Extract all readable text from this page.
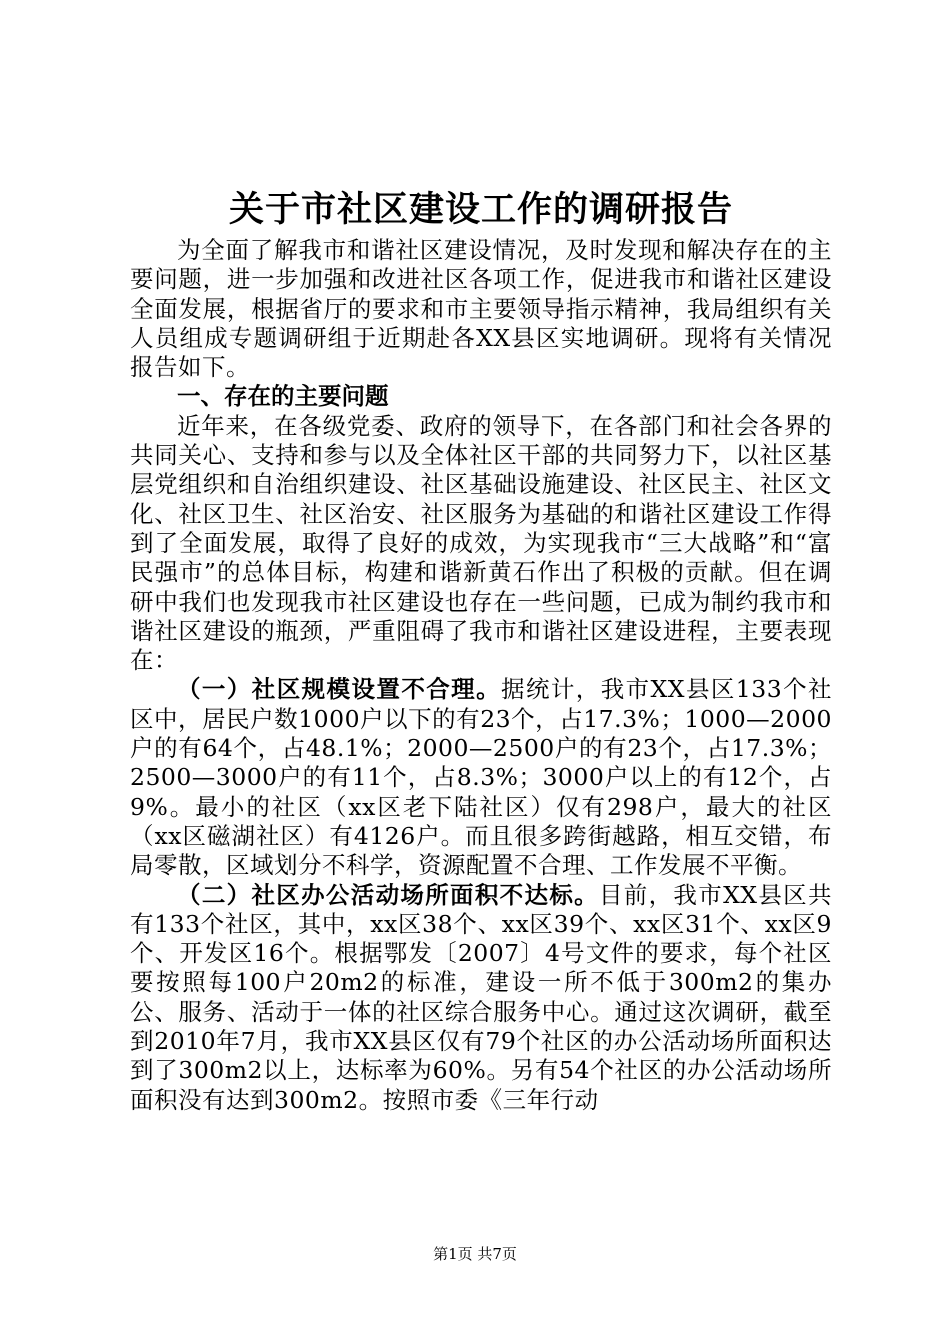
关于市社区建设工作的调研报告

为全面了解我市和谐社区建设情况，及时发现和解决存在的主要问题，进一步加强和改进社区各项工作，促进我市和谐社区建设全面发展，根据省厅的要求和市主要领导指示精神，我局组织有关人员组成专题调研组于近期赴各XX县区实地调研。现将有关情况报告如下。

一、存在的主要问题

近年来，在各级党委、政府的领导下，在各部门和社会各界的共同关心、支持和参与以及全体社区干部的共同努力下，以社区基层党组织和自治组织建设、社区基础设施建设、社区民主、社区文化、社区卫生、社区治安、社区服务为基础的和谐社区建设工作得到了全面发展，取得了良好的成效，为实现我市“三大战略”和“富民强市”的总体目标，构建和谐新黄石作出了积极的贡献。但在调研中我们也发现我市社区建设也存在一些问题，已成为制约我市和谐社区建设的瓶颈，严重阻碍了我市和谐社区建设进程，主要表现在：

（一）社区规模设置不合理。据统计，我市XX县区133个社区中，居民户数1000户以下的有23个，占17.3%；1000—2000户的有64个，占48.1%；2000—2500户的有23个，占17.3%；2500—3000户的有11个，占8.3%；3000户以上的有12个，占9%。最小的社区（xx区老下陆社区）仅有298户，最大的社区（xx区磁湖社区）有4126户。而且很多跨街越路，相互交错，布局零散，区域划分不科学，资源配置不合理、工作发展不平衡。

（二）社区办公活动场所面积不达标。目前，我市XX县区共有133个社区，其中，xx区38个、xx区39个、xx区31个、xx区9个、开发区16个。根据鄂发〔2007〕4号文件的要求，每个社区要按照每100户20m2的标准，建设一所不低于300m2的集办公、服务、活动于一体的社区综合服务中心。通过这次调研，截至到2010年7月，我市XX县区仅有79个社区的办公活动场所面积达到了300m2以上，达标率为60%。另有54个社区的办公活动场所面积没有达到300m2。按照市委《三年行动

第1页 共7页
